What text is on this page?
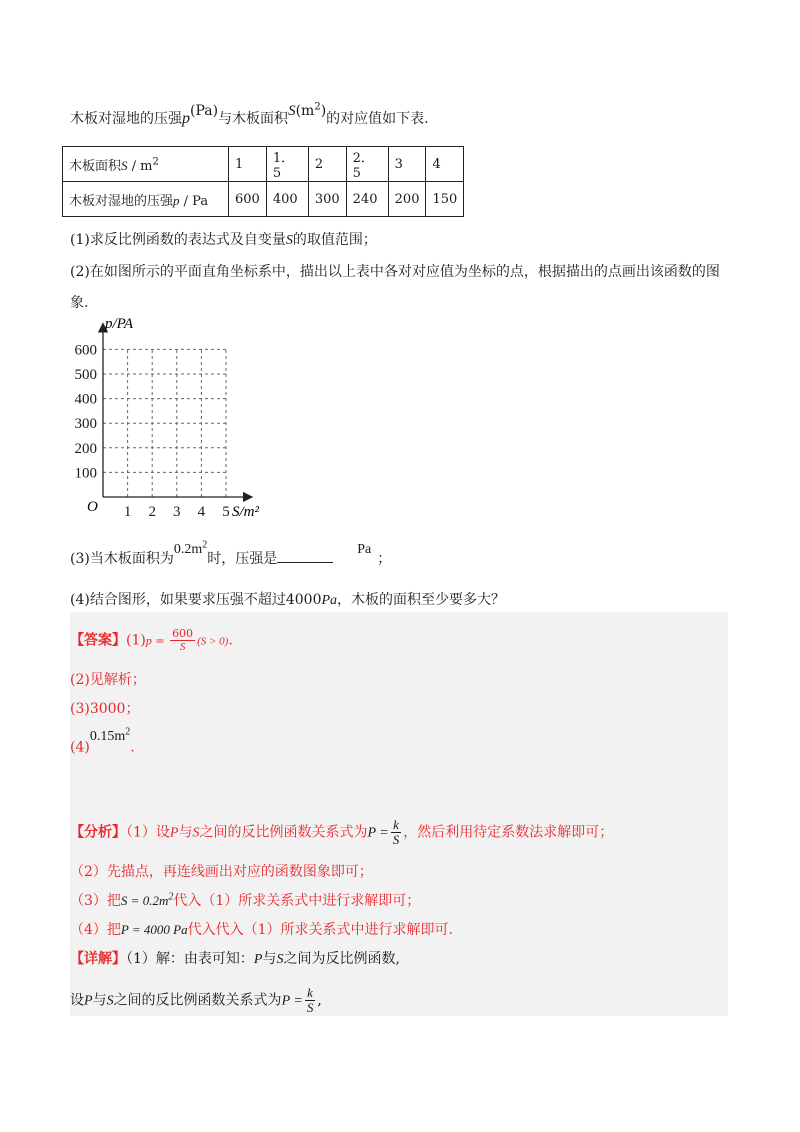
木板对湿地的压强p(Pa)与木板面积$S(m^2)$的对应值如下表.
木板面积S / $m^2$	1	1．5	2	2．5	3	4
木板对湿地的压强p / Pa	600	400	300	240	200	150
(1)求反比例函数的表达式及自变量S的取值范围；
(2)在如图所示的平面直角坐标系中，描出以上表中各对对应值为坐标的点，根据描出的点画出该函数的图
象.
1 2 3 4 5
100
200
300
400
500
600
p/PA
S/m²
O
(3)当木板面积为$0.2m^2$时，压强是Pa；
(4)结合图形，如果要求压强不超过4000Pa，木板的面积至少要多大？
【答案】$(1)p = \frac{600}{S} (S > 0)$.
(2)见解析；
(3)3000；
$(4)0.15m^2$.
【分析】（1）设P与S之间的反比例函数关系式为$P = \frac{k}{S}$ ，然后利用待定系数法求解即可；
（2）先描点，再连线画出对应的函数图象即可；
（3）把$S = 0.2m^2$代入（1）所求关系式中进行求解即可；
（4）把P = 4000 Pa代入代入（1）所求关系式中进行求解即可.
【详解】（1）解：由表可知：P与S之间为反比例函数,
设P与S之间的反比例函数关系式为$P = \frac{k}{S}$ ,
